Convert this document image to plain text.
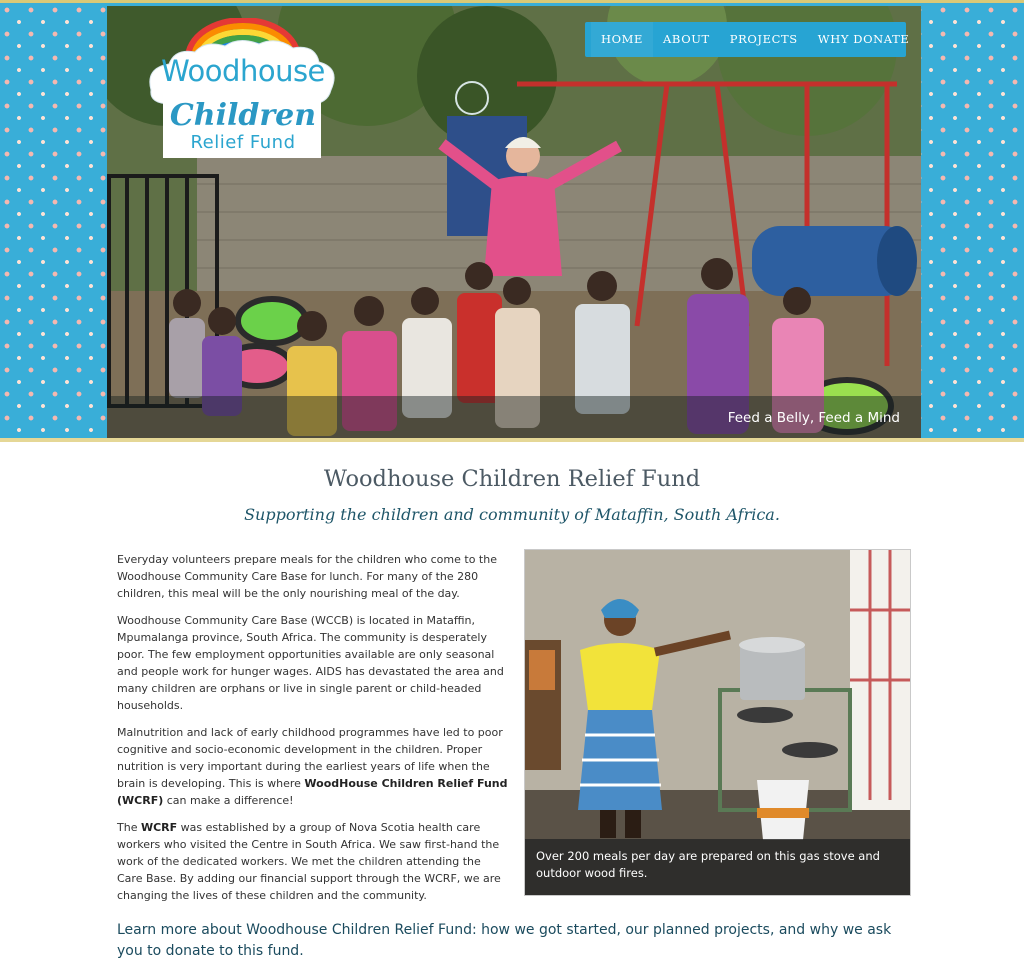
Woodhouse
Children
Relief Fund
HOME	ABOUT	PROJECTS	WHY DONATE
Feed a Belly, Feed a Mind
Woodhouse Children Relief Fund
Supporting the children and community of Mataffin, South Africa.

Everyday volunteers prepare meals for the children who come to the Woodhouse Community Care Base for lunch. For many of the 280 children, this meal will be the only nourishing meal of the day.

Woodhouse Community Care Base (WCCB) is located in Mataffin, Mpumalanga province, South Africa. The community is desperately poor. The few employment opportunities available are only seasonal and people work for hunger wages. AIDS has devastated the area and many children are orphans or live in single parent or child-headed households.

Malnutrition and lack of early childhood programmes have led to poor cognitive and socio-economic development in the children. Proper nutrition is very important during the earliest years of life when the brain is developing. This is where WoodHouse Children Relief Fund (WCRF) can make a difference!

The WCRF was established by a group of Nova Scotia health care workers who visited the Centre in South Africa. We saw first-hand the work of the dedicated workers. We met the children attending the Care Base. By adding our financial support through the WCRF, we are changing the lives of these children and the community.

Over 200 meals per day are prepared on this gas stove and outdoor wood fires.
Learn more about Woodhouse Children Relief Fund: how we got started, our planned projects, and why we ask you to donate to this fund.
